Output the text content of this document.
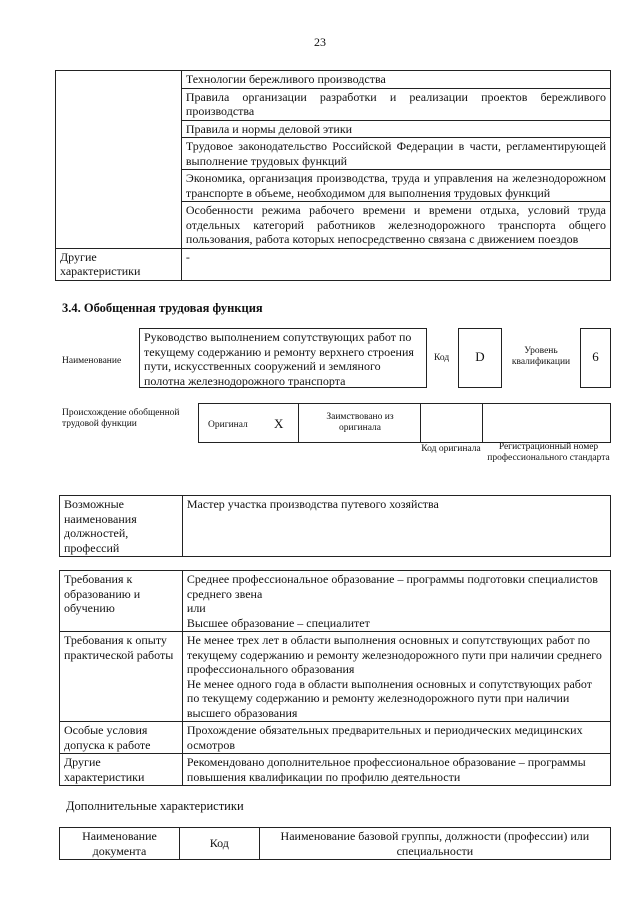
23
	Технологии бережливого производства
	Правила организации разработки и реализации проектов бережливого производства
	Правила и нормы деловой этики
	Трудовое законодательство Российской Федерации в части, регламентирующей выполнение трудовых функций
	Экономика, организация производства, труда и управления на железнодорожном транспорте в объеме, необходимом для выполнения трудовых функций
	Особенности режима рабочего времени и времени отдыха, условий труда отдельных категорий работников железнодорожного транспорта общего пользования, работа которых непосредственно связана с движением поездов
Другие характеристики	-
3.4. Обобщенная трудовая функция
Наименование
Руководство выполнением сопутствующих работ по текущему содержанию и ремонту верхнего строения пути, искусственных сооружений и земляного полотна железнодорожного транспорта
Код	D	Уровень квалификации	6
Происхождение обобщенной трудовой функции	Оригинал X	Заимствовано из оригинала
Код оригинала	Регистрационный номер профессионального стандарта
Возможные наименования должностей, профессий	Мастер участка производства путевого хозяйства
Требования к образованию и обучению	Среднее профессиональное образование – программы подготовки специалистов среднего звена
или
Высшее образование – специалитет

Требования к опыту практической работы	Не менее трех лет в области выполнения основных и сопутствующих работ по текущему содержанию и ремонту железнодорожного пути при наличии среднего профессионального образования
Не менее одного года в области выполнения основных и сопутствующих работ по текущему содержанию и ремонту железнодорожного пути при наличии высшего образования

Особые условия допуска к работе	Прохождение обязательных предварительных и периодических медицинских осмотров

Другие характеристики	Рекомендовано дополнительное профессиональное образование – программы повышения квалификации по профилю деятельности
Дополнительные характеристики
Наименование документа	Код	Наименование базовой группы, должности (профессии) или специальности
